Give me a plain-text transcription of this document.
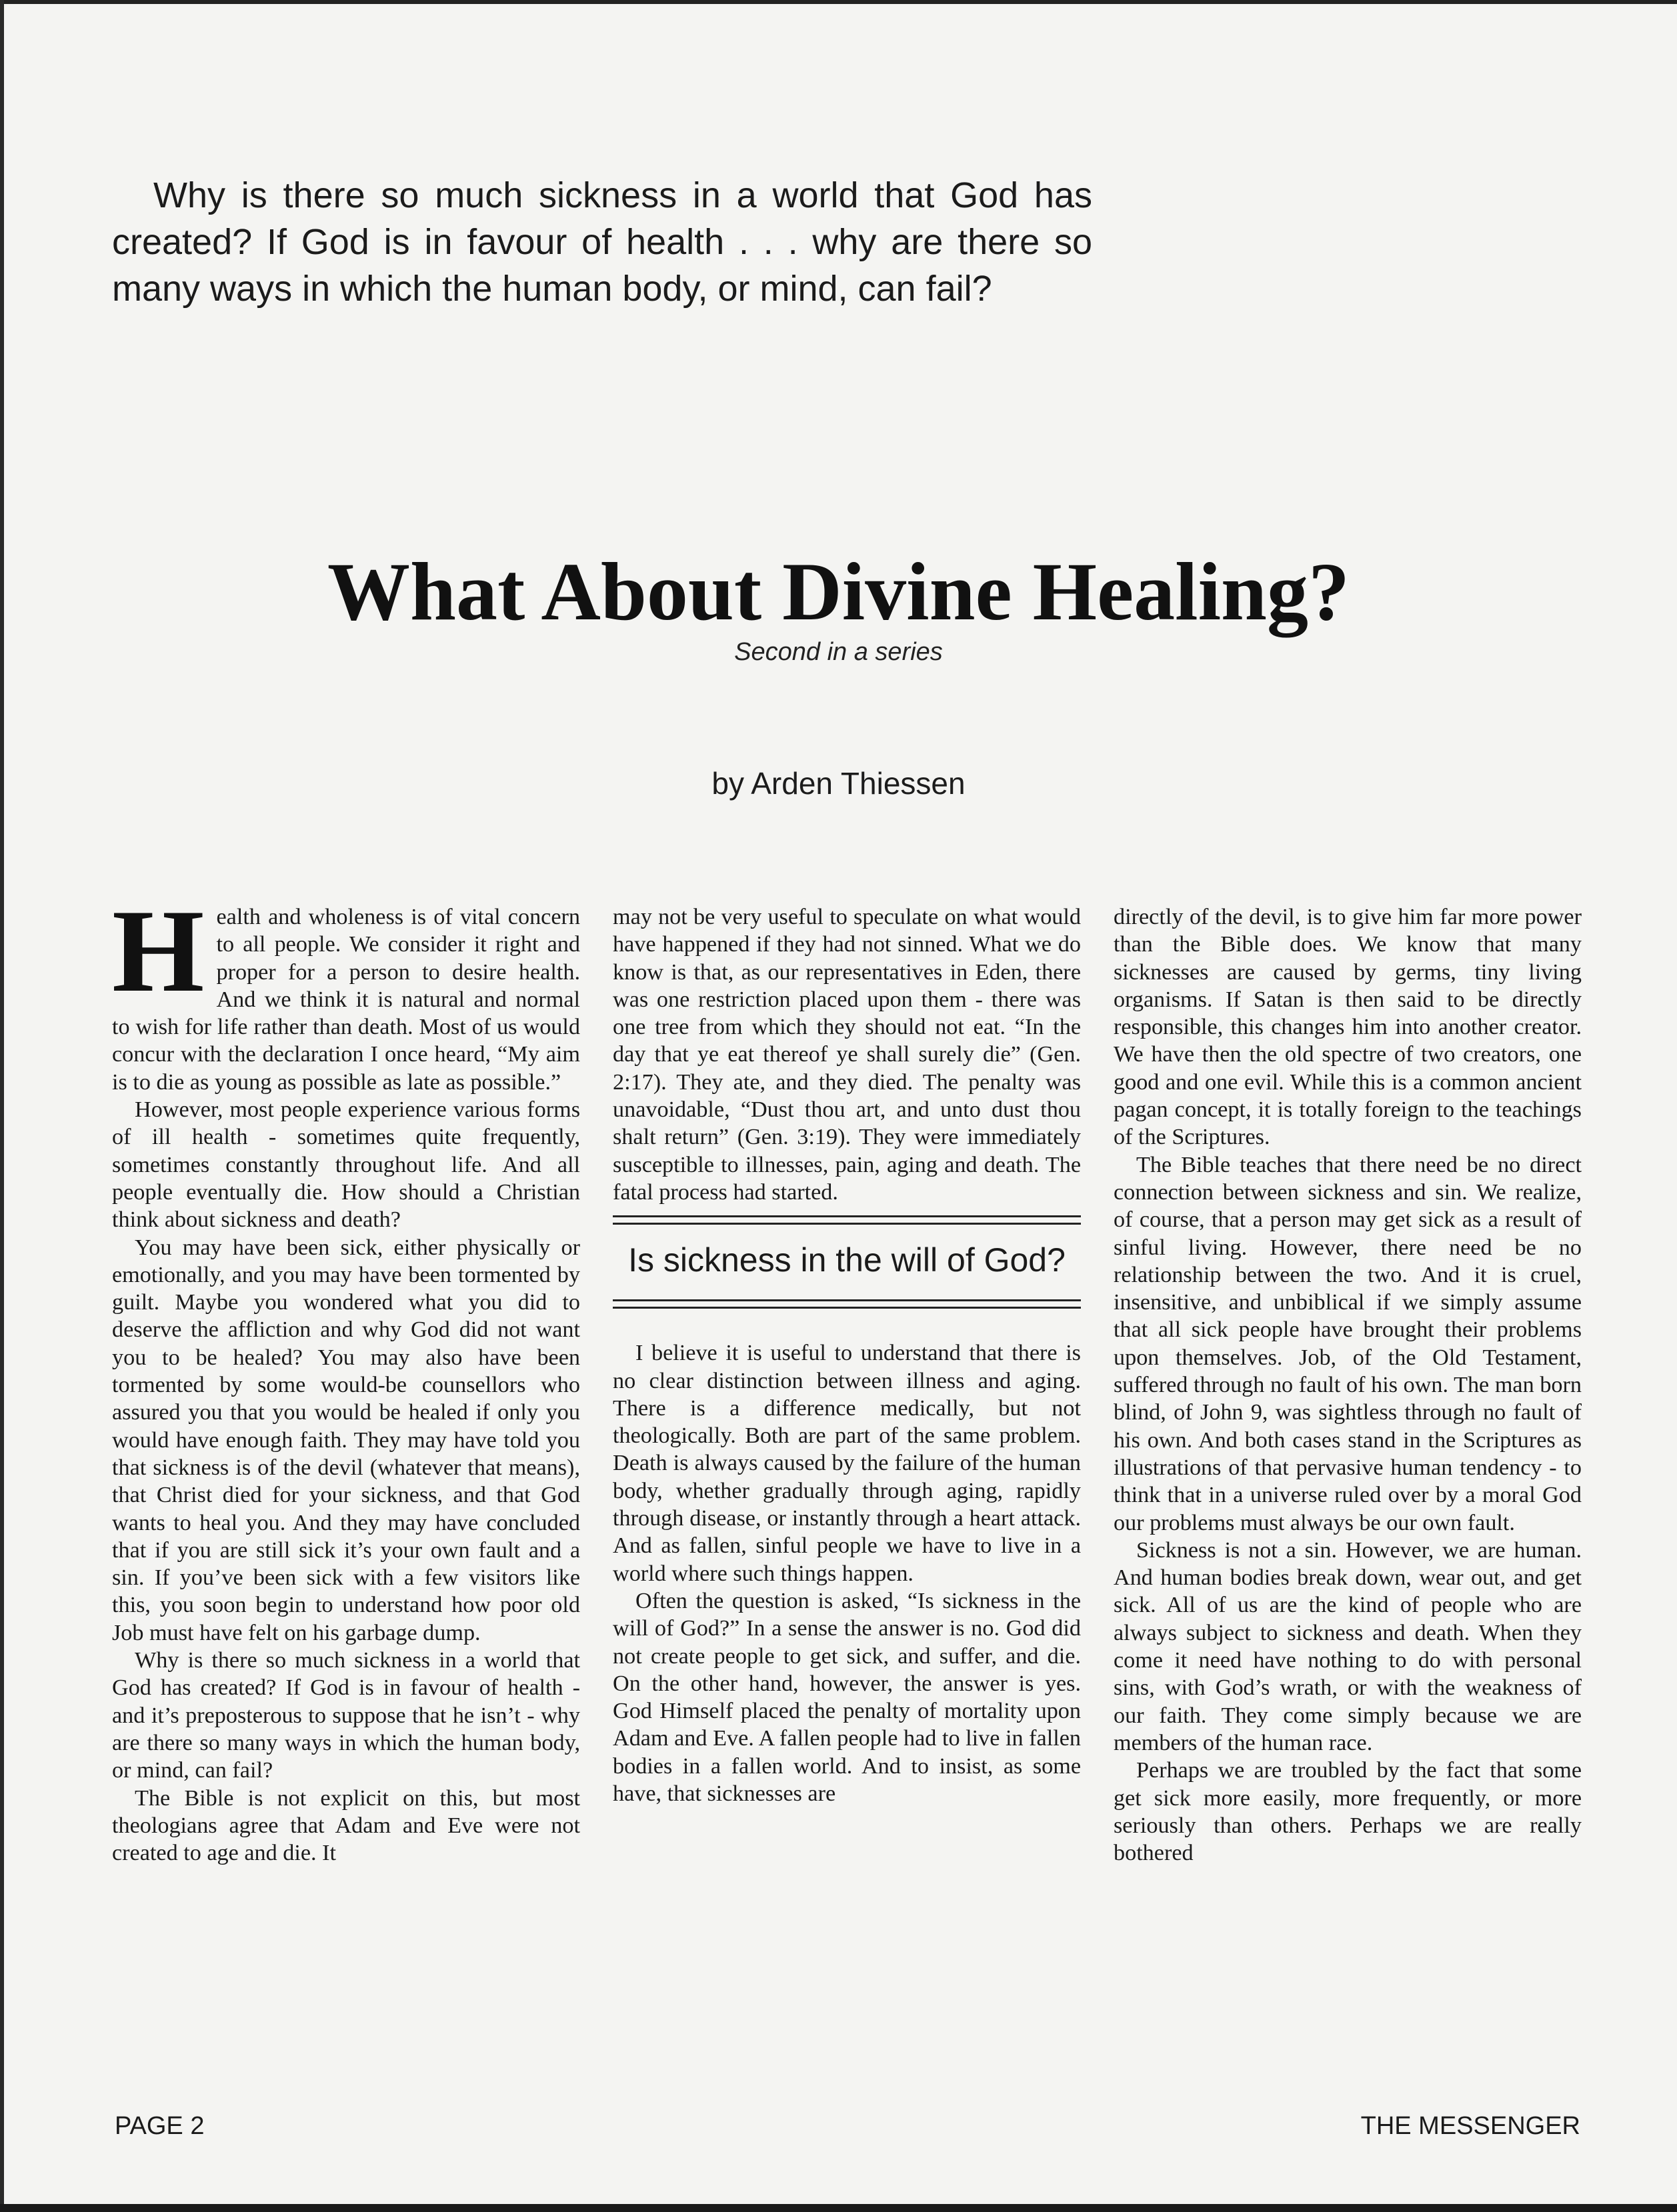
Why is there so much sickness in a world that God has created? If God is in favour of health . . . why are there so many ways in which the human body, or mind, can fail?
What About Divine Healing?
Second in a series
by Arden Thiessen

Health and wholeness is of vital concern to all people. We consider it right and proper for a person to desire health. And we think it is natural and normal to wish for life rather than death. Most of us would concur with the declaration I once heard, “My aim is to die as young as possible as late as possible.”

However, most people experience various forms of ill health - sometimes quite frequently, sometimes constantly throughout life. And all people eventually die. How should a Christian think about sickness and death?

You may have been sick, either physically or emotionally, and you may have been tormented by guilt. Maybe you wondered what you did to deserve the affliction and why God did not want you to be healed? You may also have been tormented by some would-be counsellors who assured you that you would be healed if only you would have enough faith. They may have told you that sickness is of the devil (whatever that means), that Christ died for your sickness, and that God wants to heal you. And they may have concluded that if you are still sick it’s your own fault and a sin. If you’ve been sick with a few visitors like this, you soon begin to understand how poor old Job must have felt on his garbage dump.

Why is there so much sickness in a world that God has created? If God is in favour of health - and it’s preposterous to suppose that he isn’t - why are there so many ways in which the human body, or mind, can fail?

The Bible is not explicit on this, but most theologians agree that Adam and Eve were not created to age and die. It

may not be very useful to speculate on what would have happened if they had not sinned. What we do know is that, as our representatives in Eden, there was one restriction placed upon them - there was one tree from which they should not eat. “In the day that ye eat thereof ye shall surely die” (Gen. 2:17). They ate, and they died. The penalty was unavoidable, “Dust thou art, and unto dust thou shalt return” (Gen. 3:19). They were immediately susceptible to illnesses, pain, aging and death. The fatal process had started.

Is sickness in the will of God?

I believe it is useful to understand that there is no clear distinction between illness and aging. There is a difference medically, but not theologically. Both are part of the same problem. Death is always caused by the failure of the human body, whether gradually through aging, rapidly through disease, or instantly through a heart attack. And as fallen, sinful people we have to live in a world where such things happen.

Often the question is asked, “Is sickness in the will of God?” In a sense the answer is no. God did not create people to get sick, and suffer, and die. On the other hand, however, the answer is yes. God Himself placed the penalty of mortality upon Adam and Eve. A fallen people had to live in fallen bodies in a fallen world. And to insist, as some have, that sicknesses are

directly of the devil, is to give him far more power than the Bible does. We know that many sicknesses are caused by germs, tiny living organisms. If Satan is then said to be directly responsible, this changes him into another creator. We have then the old spectre of two creators, one good and one evil. While this is a common ancient pagan concept, it is totally foreign to the teachings of the Scriptures.

The Bible teaches that there need be no direct connection between sickness and sin. We realize, of course, that a person may get sick as a result of sinful living. However, there need be no relationship between the two. And it is cruel, insensitive, and unbiblical if we simply assume that all sick people have brought their problems upon themselves. Job, of the Old Testament, suffered through no fault of his own. The man born blind, of John 9, was sightless through no fault of his own. And both cases stand in the Scriptures as illustrations of that pervasive human tendency - to think that in a universe ruled over by a moral God our problems must always be our own fault.

Sickness is not a sin. However, we are human. And human bodies break down, wear out, and get sick. All of us are the kind of people who are always subject to sickness and death. When they come it need have nothing to do with personal sins, with God’s wrath, or with the weakness of our faith. They come simply because we are members of the human race.

Perhaps we are troubled by the fact that some get sick more easily, more frequently, or more seriously than others. Perhaps we are really bothered

PAGE 2	THE MESSENGER
